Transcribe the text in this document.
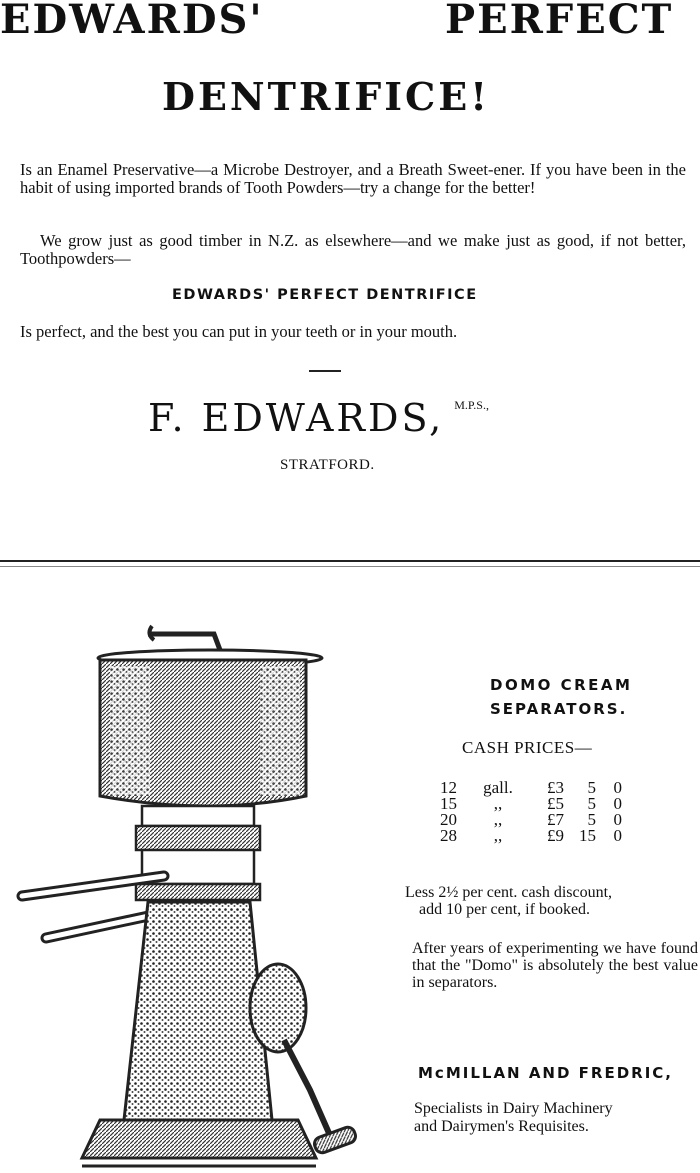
EDWARDS'	PERFECT
DENTRIFICE!
Is an Enamel Preservative—a Microbe Destroyer, and a Breath Sweet-ener. If you have been in the habit of using imported brands of Tooth Powders—try a change for the better!
We grow just as good timber in N.Z. as elsewhere—and we make just as good, if not better, Toothpowders—
EDWARDS' PERFECT DENTRIFICE
Is perfect, and the best you can put in your teeth or in your mouth.
F. EDWARDS, $^{M.P.S.,}$
STRATFORD.
DOMO CREAM
SEPARATORS.
CASH PRICES—
12	gall.	£3	5	0
15	,,	£5	5	0
20	,,	£7	5	0
28	,,	£9	15	0
Less 2½ per cent. cash discount,
add 10 per cent, if booked.
After years of experimenting we have found that the "Domo" is absolutely the best value in separators.
McMILLAN AND FREDRIC,
Specialists in Dairy Machinery
and Dairymen's Requisites.
